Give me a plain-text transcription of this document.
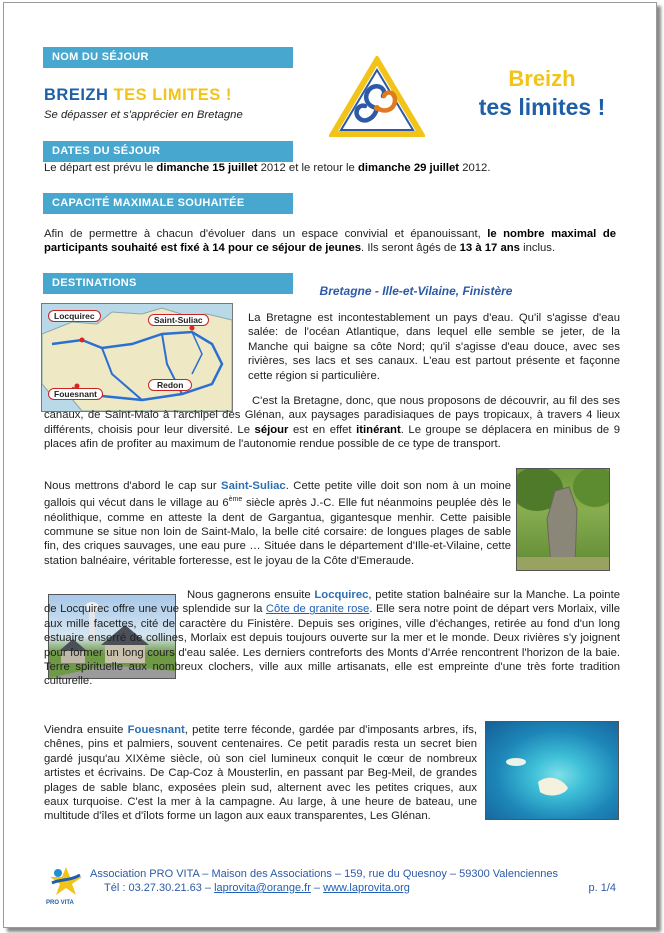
NOM DU SÉJOUR
BREIZH TES LIMITES !
Se dépasser et s'apprécier en Bretagne
Breizh
tes limites !
DATES DU SÉJOUR
Le départ est prévu le dimanche 15 juillet 2012 et le retour le dimanche 29 juillet 2012.
CAPACITÉ MAXIMALE SOUHAITÉE
Afin de permettre à chacun d'évoluer dans un espace convivial et épanouissant, le nombre maximal de participants souhaité est fixé à 14 pour ce séjour de jeunes. Ils seront âgés de 13 à 17 ans inclus.
DESTINATIONS
Bretagne - Ille-et-Vilaine, Finistère
Locquirec	Saint-Suliac
Redon
Fouesnant
La Bretagne est incontestablement un pays d'eau. Qu'il s'agisse d'eau salée: de l'océan Atlantique, dans lequel elle semble se jeter, de la Manche qui baigne sa côte Nord; qu'il s'agisse d'eau douce, avec ses rivières, ses lacs et ses canaux. L'eau est partout présente et façonne cette région si particulière.
C'est la Bretagne, donc, que nous proposons de découvrir, au fil des ses canaux, de Saint-Malo à l'archipel des Glénan, aux paysages paradisiaques de pays tropicaux, à travers 4 lieux différents, choisis pour leur diversité. Le séjour est en effet itinérant. Le groupe se déplacera en minibus de 9 places afin de profiter au maximum de l'autonomie rendue possible de ce type de transport.
Nous mettrons d'abord le cap sur Saint-Suliac. Cette petite ville doit son nom à un moine gallois qui vécut dans le village au 6ème siècle après J.-C. Elle fut néanmoins peuplée dès le néolithique, comme en atteste la dent de Gargantua, gigantesque menhir. Cette paisible commune se situe non loin de Saint-Malo, la belle cité corsaire: de longues plages de sable fin, des criques sauvages, une eau pure … Située dans le département d'Ille-et-Vilaine, cette station balnéaire, véritable forteresse, est le joyau de la Côte d'Emeraude.
Nous gagnerons ensuite Locquirec, petite station balnéaire sur la Manche. La pointe de Locquirec offre une vue splendide sur la Côte de granite rose. Elle sera notre point de départ vers Morlaix, ville aux mille facettes, cité de caractère du Finistère. Depuis ses origines, ville d'échanges, retirée au fond d'un long estuaire enserré de collines, Morlaix est depuis toujours ouverte sur la mer et le monde. Deux rivières s'y joignent pour former un long cours d'eau salée. Les derniers contreforts des Monts d'Arrée rencontrent l'horizon de la baie. Terre spirituelle aux nombreux clochers, ville aux mille artisanats, elle est empreinte d'une très forte tradition culturelle.
Viendra ensuite Fouesnant, petite terre féconde, gardée par d'imposants arbres, ifs, chênes, pins et palmiers, souvent centenaires. Ce petit paradis resta un secret bien gardé jusqu'au XIXème siècle, où son ciel lumineux conquit le cœur de nombreux artistes et écrivains. De Cap-Coz à Mousterlin, en passant par Beg-Meil, de grandes plages de sable blanc, exposées plein sud, alternent avec les petites criques, aux eaux turquoise. C'est la mer à la campagne. Au large, à une heure de bateau, une multitude d'îles et d'îlots forme un lagon aux eaux transparentes, Les Glénan.
PRO VITA
Association PRO VITA – Maison des Associations – 159, rue du Quesnoy – 59300 Valenciennes
Tél : 03.27.30.21.63 – laprovita@orange.fr – www.laprovita.org	p. 1/4
